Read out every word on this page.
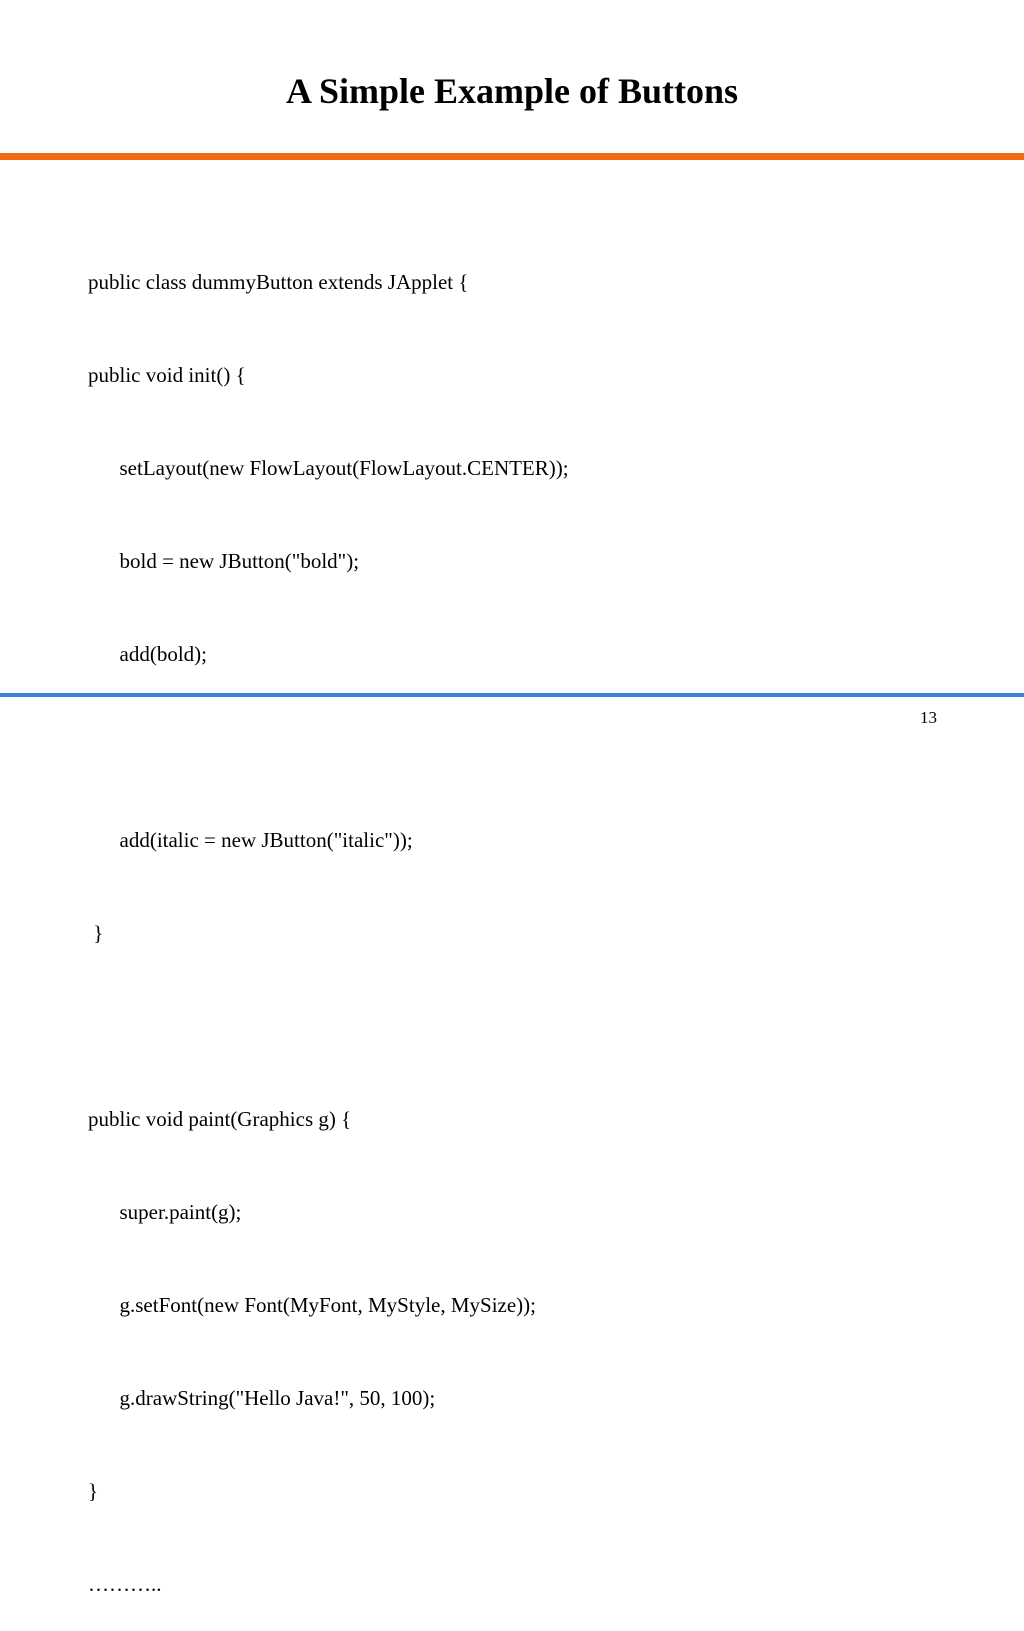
A Simple Example of Buttons

public class dummyButton extends JApplet {

public void init() {

setLayout(new FlowLayout(FlowLayout.CENTER));

bold = new JButton("bold");

add(bold);

add(italic = new JButton("italic"));

}

public void paint(Graphics g) {

super.paint(g);

g.setFont(new Font(MyFont, MyStyle, MySize));

g.drawString("Hello Java!", 50, 100);

}

………..

13
